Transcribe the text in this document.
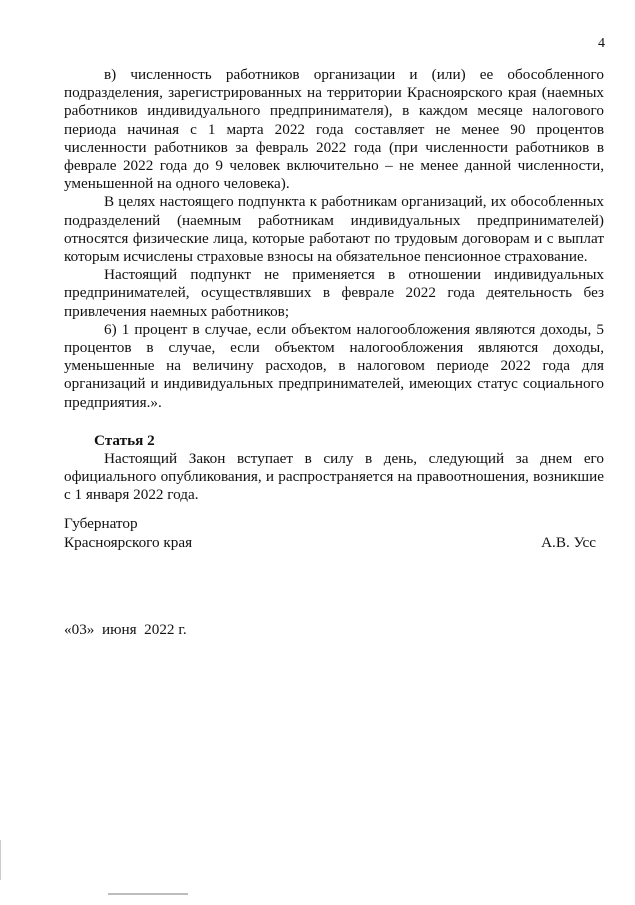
4

в) численность работников организации и (или) ее обособленного подразделения, зарегистрированных на территории Красноярского края (наемных работников индивидуального предпринимателя), в каждом месяце налогового периода начиная с 1 марта 2022 года составляет не менее 90 процентов численности работников за февраль 2022 года (при численности работников в феврале 2022 года до 9 человек включительно – не менее данной численности, уменьшенной на одного человека).

В целях настоящего подпункта к работникам организаций, их обособленных подразделений (наемным работникам индивидуальных предпринимателей) относятся физические лица, которые работают по трудовым договорам и с выплат которым исчислены страховые взносы на обязательное пенсионное страхование.

Настоящий подпункт не применяется в отношении индивидуальных предпринимателей, осуществлявших в феврале 2022 года деятельность без привлечения наемных работников;

6) 1 процент в случае, если объектом налогообложения являются доходы, 5 процентов в случае, если объектом налогообложения являются доходы, уменьшенные на величину расходов, в налоговом периоде 2022 года для организаций и индивидуальных предпринимателей, имеющих статус социального предприятия.».

Статья 2

Настоящий Закон вступает в силу в день, следующий за днем его официального опубликования, и распространяется на правоотношения, возникшие с 1 января 2022 года.

Губернатор
Красноярского края	А.В. Усс
«03»  июня  2022 г.
